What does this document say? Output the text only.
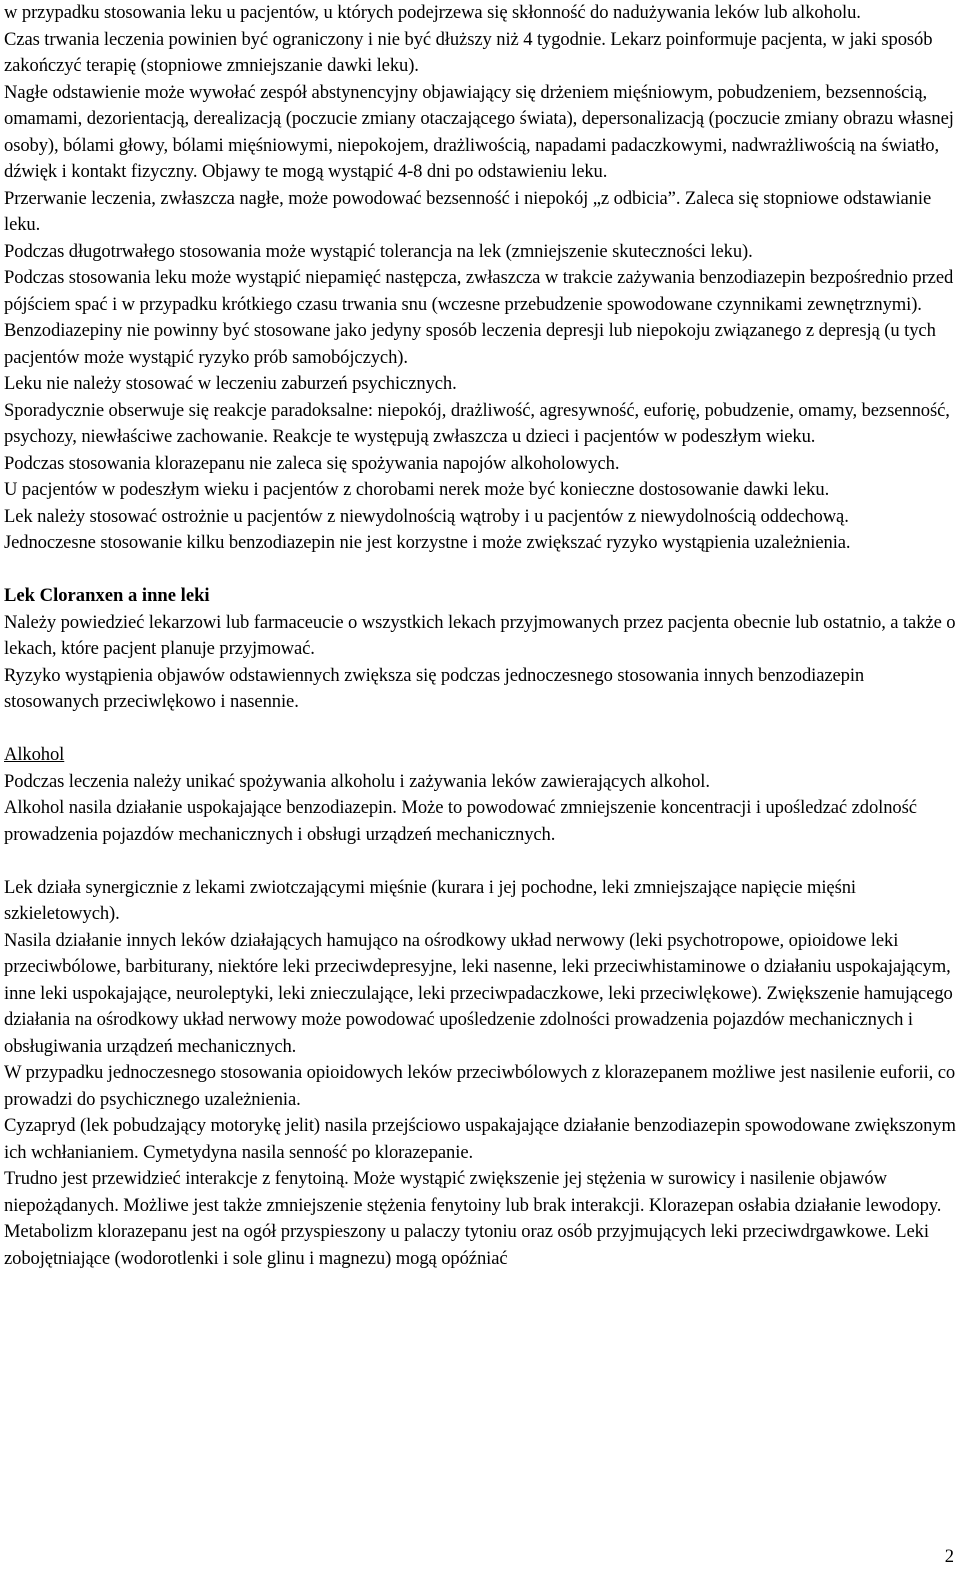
w przypadku stosowania leku u pacjentów, u których podejrzewa się skłonność do nadużywania leków lub alkoholu.

Czas trwania leczenia powinien być ograniczony i nie być dłuższy niż 4 tygodnie. Lekarz poinformuje pacjenta, w jaki sposób zakończyć terapię (stopniowe zmniejszanie dawki leku).

Nagłe odstawienie może wywołać zespół abstynencyjny objawiający się drżeniem mięśniowym, pobudzeniem, bezsennością, omamami, dezorientacją, derealizacją (poczucie zmiany otaczającego świata), depersonalizacją (poczucie zmiany obrazu własnej osoby), bólami głowy, bólami mięśniowymi, niepokojem, drażliwością, napadami padaczkowymi, nadwrażliwością na światło, dźwięk i kontakt fizyczny. Objawy te mogą wystąpić 4-8 dni po odstawieniu leku.

Przerwanie leczenia, zwłaszcza nagłe, może powodować bezsenność i niepokój „z odbicia”. Zaleca się stopniowe odstawianie leku.

Podczas długotrwałego stosowania może wystąpić tolerancja na lek (zmniejszenie skuteczności leku).

Podczas stosowania leku może wystąpić niepamięć następcza, zwłaszcza w trakcie zażywania benzodiazepin bezpośrednio przed pójściem spać i w przypadku krótkiego czasu trwania snu (wczesne przebudzenie spowodowane czynnikami zewnętrznymi).

Benzodiazepiny nie powinny być stosowane jako jedyny sposób leczenia depresji lub niepokoju związanego z depresją (u tych pacjentów może wystąpić ryzyko prób samobójczych).

Leku nie należy stosować w leczeniu zaburzeń psychicznych.

Sporadycznie obserwuje się reakcje paradoksalne: niepokój, drażliwość, agresywność, euforię, pobudzenie, omamy, bezsenność, psychozy, niewłaściwe zachowanie. Reakcje te występują zwłaszcza u dzieci i pacjentów w podeszłym wieku.

Podczas stosowania klorazepanu nie zaleca się spożywania napojów alkoholowych.

U pacjentów w podeszłym wieku i pacjentów z chorobami nerek może być konieczne dostosowanie dawki leku.

Lek należy stosować ostrożnie u pacjentów z niewydolnością wątroby i u pacjentów z niewydolnością oddechową.

Jednoczesne stosowanie kilku benzodiazepin nie jest korzystne i może zwiększać ryzyko wystąpienia uzależnienia.

Lek Cloranxen a inne leki

Należy powiedzieć lekarzowi lub farmaceucie o wszystkich lekach przyjmowanych przez pacjenta obecnie lub ostatnio, a także o lekach, które pacjent planuje przyjmować.

Ryzyko wystąpienia objawów odstawiennych zwiększa się podczas jednoczesnego stosowania innych benzodiazepin stosowanych przeciwlękowo i nasennie.

Alkohol

Podczas leczenia należy unikać spożywania alkoholu i zażywania leków zawierających alkohol.

Alkohol nasila działanie uspokajające benzodiazepin. Może to powodować zmniejszenie koncentracji i upośledzać zdolność prowadzenia pojazdów mechanicznych i obsługi urządzeń mechanicznych.

Lek działa synergicznie z lekami zwiotczającymi mięśnie (kurara i jej pochodne, leki zmniejszające napięcie mięśni szkieletowych).

Nasila działanie innych leków działających hamująco na ośrodkowy układ nerwowy (leki psychotropowe, opioidowe leki przeciwbólowe, barbiturany, niektóre leki przeciwdepresyjne, leki nasenne, leki przeciwhistaminowe o działaniu uspokajającym, inne leki uspokajające, neuroleptyki, leki znieczulające, leki przeciwpadaczkowe, leki przeciwlękowe). Zwiększenie hamującego działania na ośrodkowy układ nerwowy może powodować upośledzenie zdolności prowadzenia pojazdów mechanicznych i obsługiwania urządzeń mechanicznych.

W przypadku jednoczesnego stosowania opioidowych leków przeciwbólowych z klorazepanem możliwe jest nasilenie euforii, co prowadzi do psychicznego uzależnienia.

Cyzapryd (lek pobudzający motorykę jelit) nasila przejściowo uspakajające działanie benzodiazepin spowodowane zwiększonym ich wchłanianiem. Cymetydyna nasila senność po klorazepanie.

Trudno jest przewidzieć interakcje z fenytoiną. Może wystąpić zwiększenie jej stężenia w surowicy i nasilenie objawów niepożądanych. Możliwe jest także zmniejszenie stężenia fenytoiny lub brak interakcji. Klorazepan osłabia działanie lewodopy.

Metabolizm klorazepanu jest na ogół przyspieszony u palaczy tytoniu oraz osób przyjmujących leki przeciwdrgawkowe. Leki zobojętniające (wodorotlenki i sole glinu i magnezu) mogą opóźniać

2
